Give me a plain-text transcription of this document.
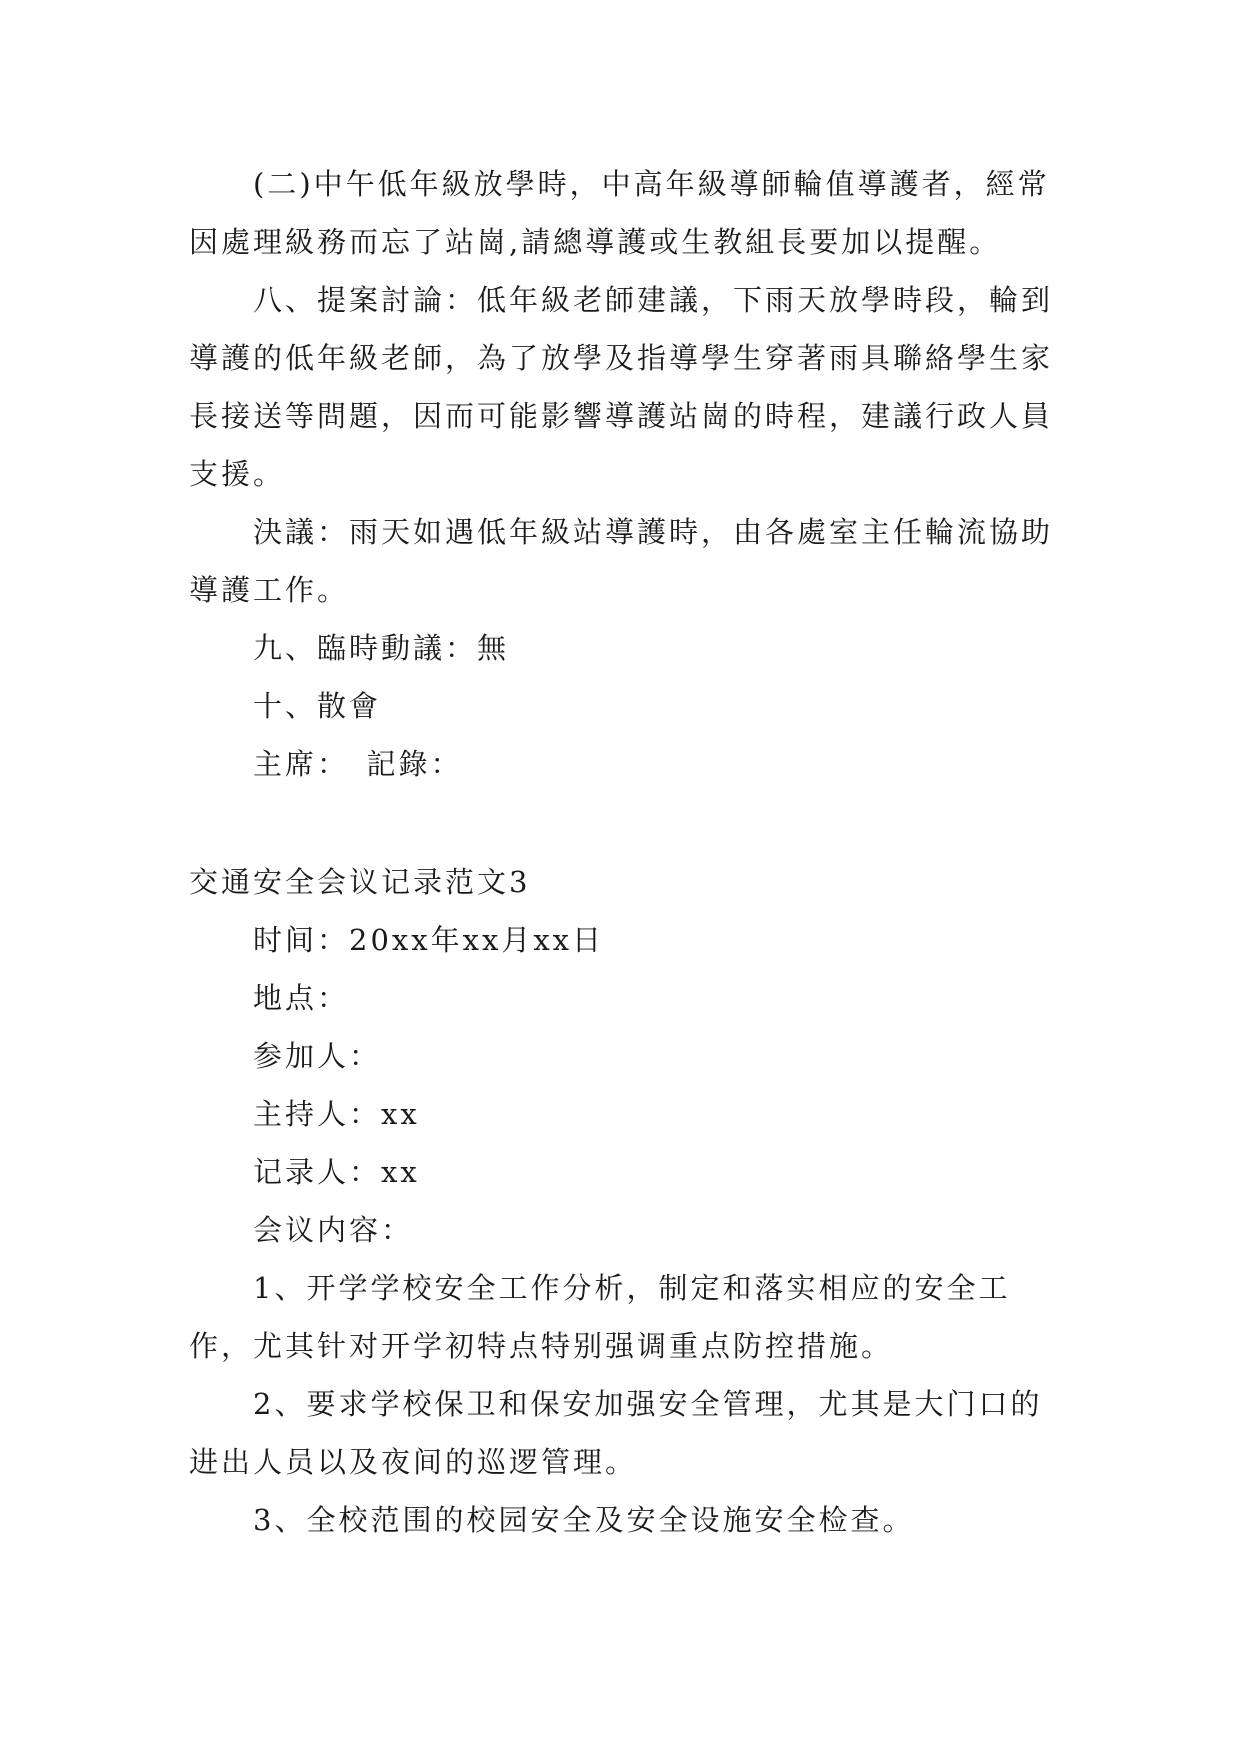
(二)中午低年級放學時，中高年級導師輪值導護者，經常因處理級務而忘了站崗,請總導護或生教組長要加以提醒。

八、提案討論：低年級老師建議，下雨天放學時段，輪到導護的低年級老師，為了放學及指導學生穿著雨具聯絡學生家長接送等問題，因而可能影響導護站崗的時程，建議行政人員支援。

決議：雨天如遇低年級站導護時，由各處室主任輪流協助導護工作。

九、臨時動議：無

十、散會

主席：　記錄：

交通安全会议记录范文3

时间：20xx年xx月xx日

地点：

参加人：

主持人：xx

记录人：xx

会议内容：

1、开学学校安全工作分析，制定和落实相应的安全工作，尤其针对开学初特点特别强调重点防控措施。

2、要求学校保卫和保安加强安全管理，尤其是大门口的进出人员以及夜间的巡逻管理。

3、全校范围的校园安全及安全设施安全检查。
